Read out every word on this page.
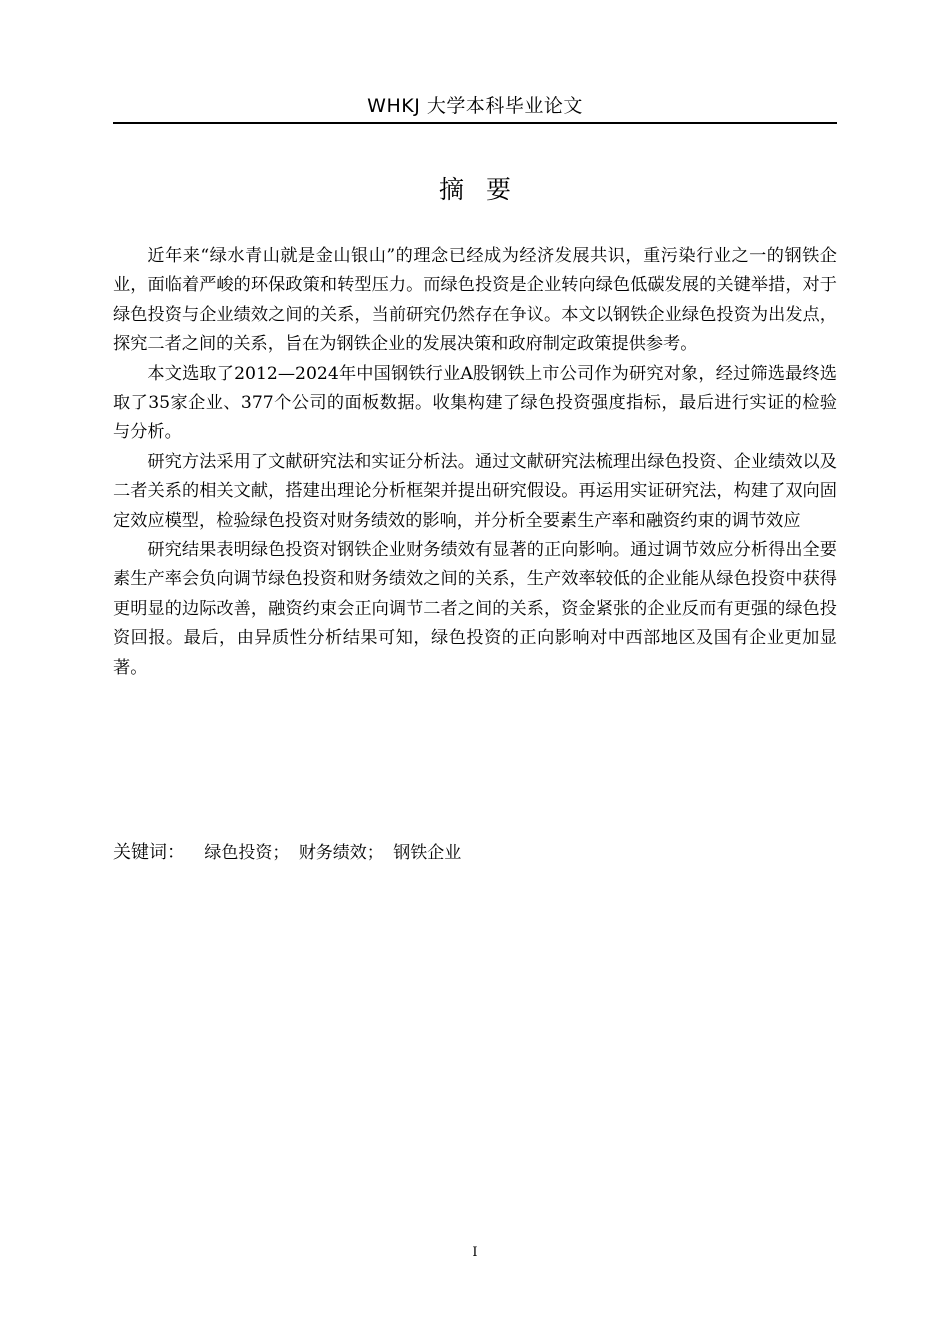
WHKJ 大学本科毕业论文
摘要

近年来“绿水青山就是金山银山”的理念已经成为经济发展共识，重污染行业之一的钢铁企业，面临着严峻的环保政策和转型压力。而绿色投资是企业转向绿色低碳发展的关键举措，对于绿色投资与企业绩效之间的关系，当前研究仍然存在争议。本文以钢铁企业绿色投资为出发点，探究二者之间的关系，旨在为钢铁企业的发展决策和政府制定政策提供参考。

本文选取了2012—2024年中国钢铁行业A股钢铁上市公司作为研究对象，经过筛选最终选取了35家企业、377个公司的面板数据。收集构建了绿色投资强度指标，最后进行实证的检验与分析。

研究方法采用了文献研究法和实证分析法。通过文献研究法梳理出绿色投资、企业绩效以及二者关系的相关文献，搭建出理论分析框架并提出研究假设。再运用实证研究法，构建了双向固定效应模型，检验绿色投资对财务绩效的影响，并分析全要素生产率和融资约束的调节效应

研究结果表明绿色投资对钢铁企业财务绩效有显著的正向影响。通过调节效应分析得出全要素生产率会负向调节绿色投资和财务绩效之间的关系，生产效率较低的企业能从绿色投资中获得更明显的边际改善，融资约束会正向调节二者之间的关系，资金紧张的企业反而有更强的绿色投资回报。最后，由异质性分析结果可知，绿色投资的正向影响对中西部地区及国有企业更加显著。

关键词： 绿色投资； 财务绩效； 钢铁企业
I
